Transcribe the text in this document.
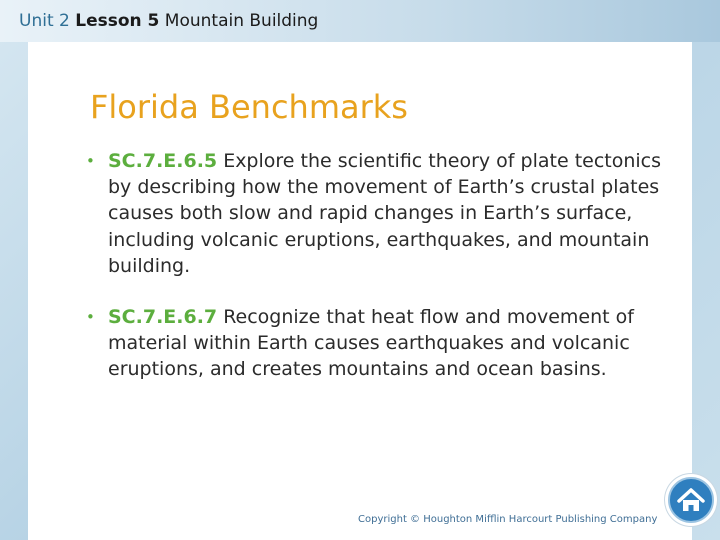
Unit 2 Lesson 5 Mountain Building
Florida Benchmarks
• SC.7.E.6.5 Explore the scientific theory of plate tectonics by describing how the movement of Earth’s crustal plates causes both slow and rapid changes in Earth’s surface, including volcanic eruptions, earthquakes, and mountain building.
• SC.7.E.6.7 Recognize that heat flow and movement of material within Earth causes earthquakes and volcanic eruptions, and creates mountains and ocean basins.
Copyright © Houghton Mifflin Harcourt Publishing Company
